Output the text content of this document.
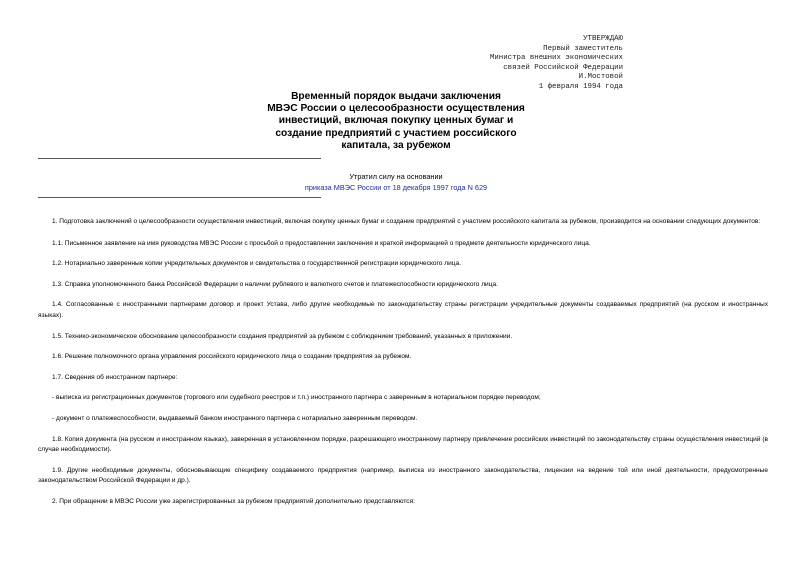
УТВЕРЖДАЮ
Первый заместитель
Министра внешних экономических
связей Российской Федерации
И.Мостовой
1 февраля 1994 года
Временный порядок выдачи заключения
МВЭС России о целесообразности осуществления
инвестиций, включая покупку ценных бумаг и
создание предприятий с участием российского
капитала, за рубежом
Утратил силу на основании
приказа МВЭС России от 18 декабря 1997 года N 629

1. Подготовка заключений о целесообразности осуществления инвестиций, включая покупку ценных бумаг и создание предприятий с участием российского капитала за рубежом, производится на основании следующих документов:

1.1. Письменное заявление на имя руководства МВЭС России с просьбой о предоставлении заключения и краткой информацией о предмете деятельности юридического лица.

1.2. Нотариально заверенные копии учредительных документов и свидетельства о государственной регистрации юридического лица.

1.3. Справка уполномоченного банка Российской Федерации о наличии рублевого и валютного счетов и платежеспособности юридического лица.

1.4. Согласованные с иностранными партнерами договор и проект Устава, либо другие необходимые по законодательству страны регистрации учредительные документы создаваемых предприятий (на русском и иностранных языках).

1.5. Технико-экономическое обоснование целесообразности создания предприятий за рубежом с соблюдением требований, указанных в приложении.

1.6. Решение полномочного органа управления российского юридического лица о создании предприятия за рубежом.

1.7. Сведения об иностранном партнере:

- выписка из регистрационных документов (торгового или судебного реестров и т.п.) иностранного партнера с заверенным в нотариальном порядке переводом;

- документ о платежеспособности, выдаваемый банком иностранного партнера с нотариально заверенным переводом.

1.8. Копия документа (на русском и иностранном языках), заверенная в установленном порядке, разрешающего иностранному партнеру привлечение российских инвестиций по законодательству страны осуществления инвестиций (в случае необходимости).

1.9. Другие необходимые документы, обосновывающие специфику создаваемого предприятия (например, выписка из иностранного законодательства, лицензии на ведение той или иной деятельности, предусмотренные законодательством Российской Федерации и др.).

2. При обращении в МВЭС России уже зарегистрированных за рубежом предприятий дополнительно представляются:
